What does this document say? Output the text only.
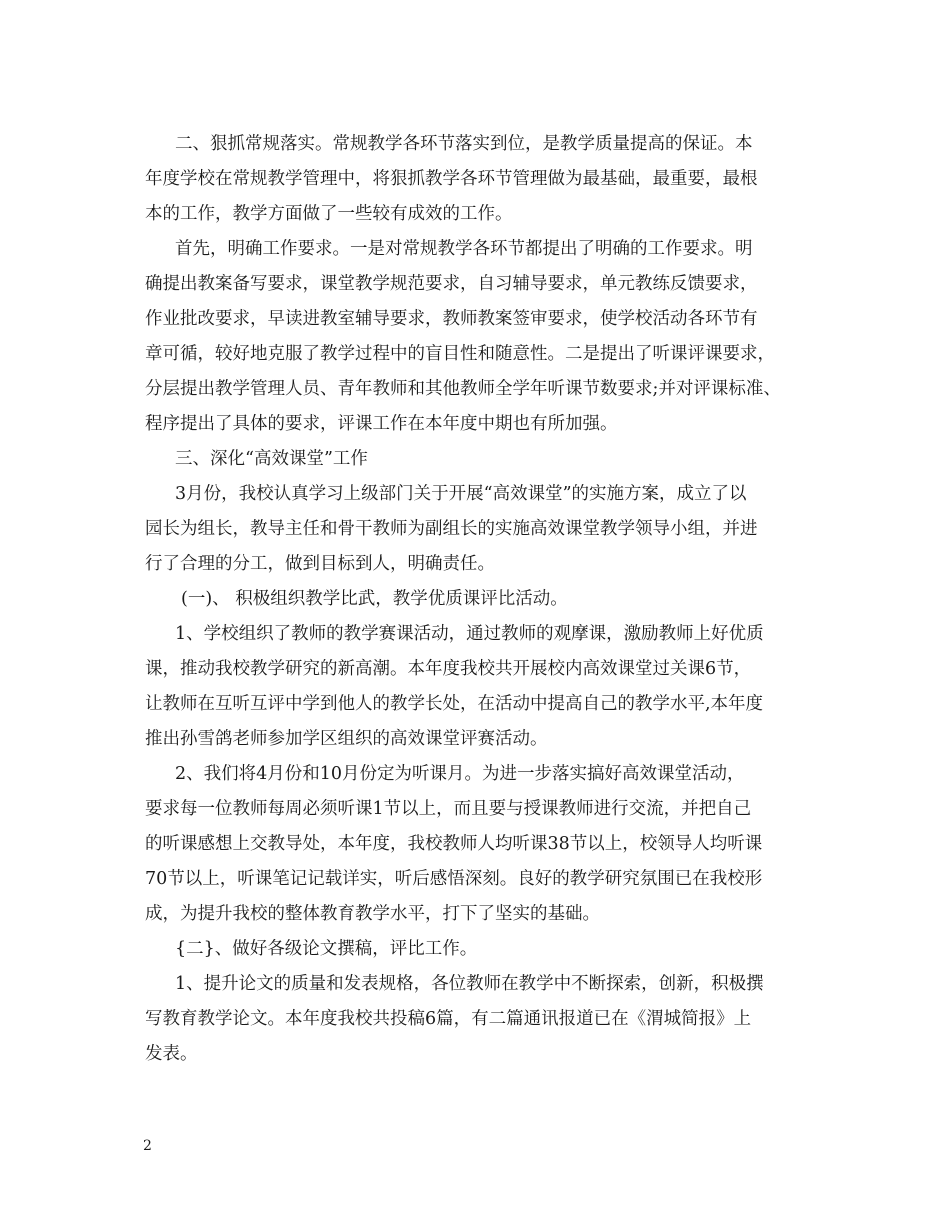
二、狠抓常规落实。常规教学各环节落实到位，是教学质量提高的保证。本
年度学校在常规教学管理中，将狠抓教学各环节管理做为最基础，最重要，最根
本的工作，教学方面做了一些较有成效的工作。
首先，明确工作要求。一是对常规教学各环节都提出了明确的工作要求。明
确提出教案备写要求，课堂教学规范要求，自习辅导要求，单元教练反馈要求，
作业批改要求，早读进教室辅导要求，教师教案签审要求，使学校活动各环节有
章可循，较好地克服了教学过程中的盲目性和随意性。二是提出了听课评课要求，
分层提出教学管理人员、青年教师和其他教师全学年听课节数要求;并对评课标准、
程序提出了具体的要求，评课工作在本年度中期也有所加强。
三、深化“高效课堂”工作
3月份，我校认真学习上级部门关于开展“高效课堂”的实施方案，成立了以
园长为组长，教导主任和骨干教师为副组长的实施高效课堂教学领导小组，并进
行了合理的分工，做到目标到人，明确责任。
(一)、 积极组织教学比武，教学优质课评比活动。
1、学校组织了教师的教学赛课活动，通过教师的观摩课，激励教师上好优质
课，推动我校教学研究的新高潮。本年度我校共开展校内高效课堂过关课6节，
让教师在互听互评中学到他人的教学长处，在活动中提高自己的教学水平,本年度
推出孙雪鸽老师参加学区组织的高效课堂评赛活动。
2、我们将4月份和10月份定为听课月。为进一步落实搞好高效课堂活动，
要求每一位教师每周必须听课1节以上，而且要与授课教师进行交流，并把自己
的听课感想上交教导处，本年度，我校教师人均听课38节以上，校领导人均听课
70节以上，听课笔记记载详实，听后感悟深刻。良好的教学研究氛围已在我校形
成，为提升我校的整体教育教学水平，打下了坚实的基础。
{二}、做好各级论文撰稿，评比工作。
1、提升论文的质量和发表规格，各位教师在教学中不断探索，创新，积极撰
写教育教学论文。本年度我校共投稿6篇，有二篇通讯报道已在《渭城简报》上
发表。
2
